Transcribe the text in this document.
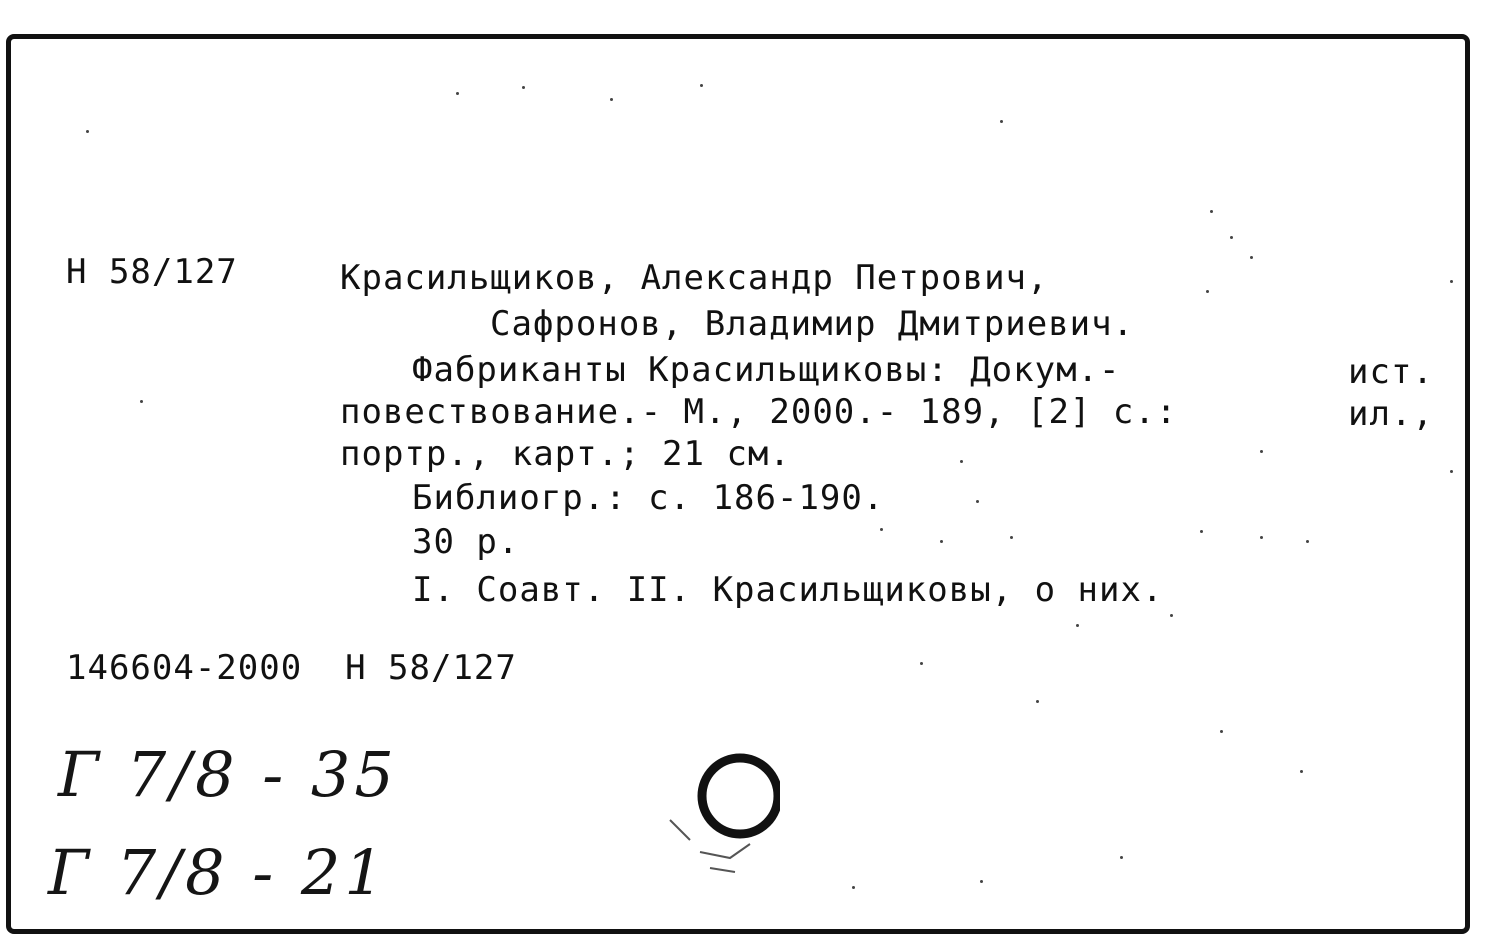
Н 58/127	Красильщиков, Александр Петрович,
Сафронов, Владимир Дмитриевич.
Фабриканты Красильщиковы: Докум.-	ист.
повествование.- М., 2000.- 189, [2] с.:	ил.,
портр., карт.; 21 см.
Библиогр.: с. 186-190.
30 р.
I. Соавт. II. Красильщиковы, о них.
146604-2000  Н 58/127
Г 7/8 - 35
Г 7/8 - 21
